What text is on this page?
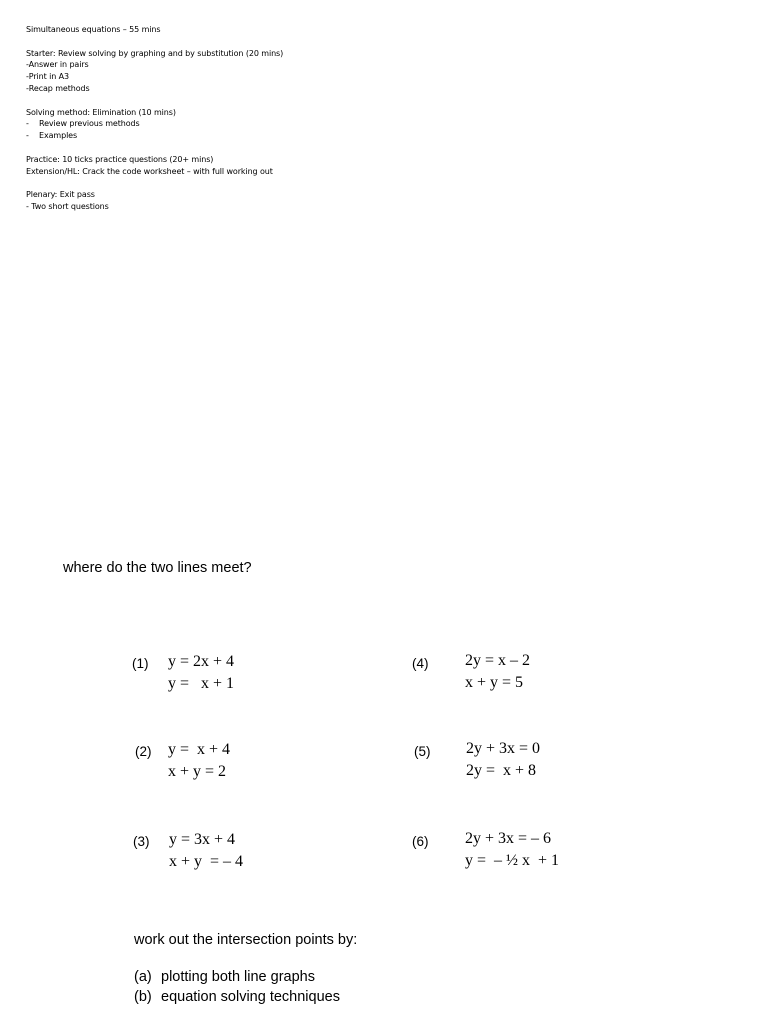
Simultaneous equations – 55 mins
Starter: Review solving by graphing and by substitution (20 mins)
-Answer in pairs
-Print in A3
-Recap methods
Solving method: Elimination (10 mins)
- Review previous methods
- Examples
Practice: 10 ticks practice questions (20+ mins)
Extension/HL: Crack the code worksheet – with full working out
Plenary: Exit pass
- Two short questions
where do the two lines meet?
(1) y = 2x + 4
y =   x + 1
(2) y =  x + 4
x + y = 2
(3) y = 3x + 4
x + y  = – 4
(4) 2y = x – 2
x + y = 5
(5) 2y + 3x = 0
2y =  x + 8
(6) 2y + 3x = – 6
y =  – ½ x  + 1
work out the intersection points by:
(a) plotting both line graphs
(b) equation solving techniques
